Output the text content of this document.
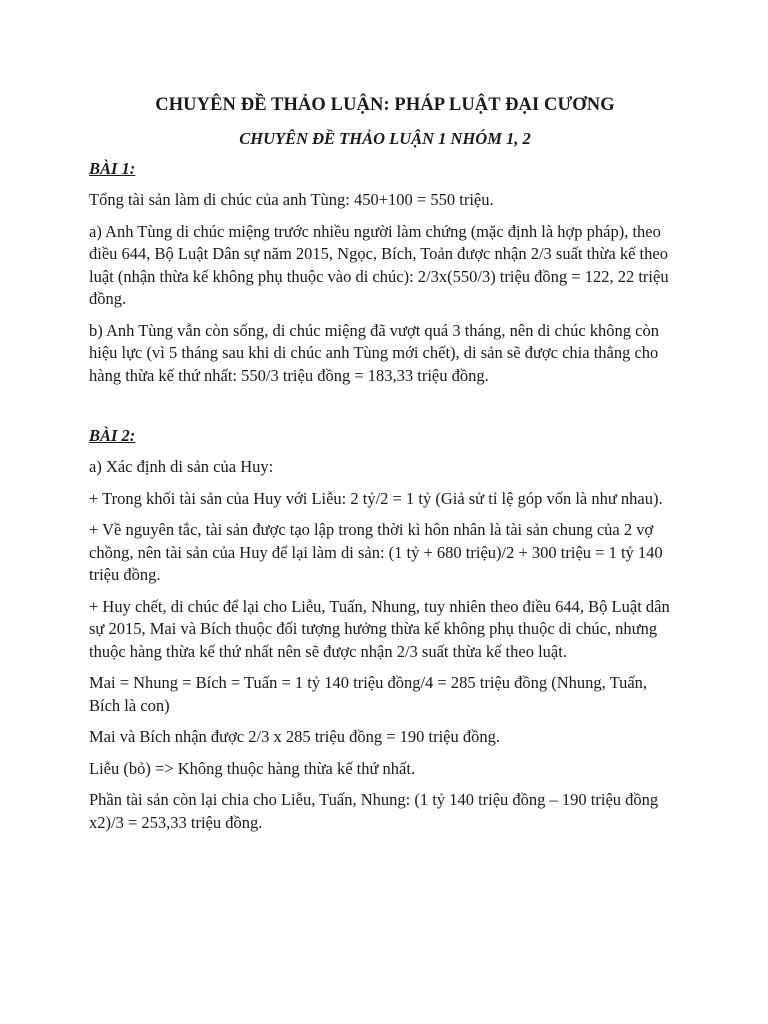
CHUYÊN ĐỀ THẢO LUẬN: PHÁP LUẬT ĐẠI CƯƠNG
CHUYÊN ĐỀ THẢO LUẬN 1 NHÓM 1, 2

BÀI 1:

Tổng tài sản làm di chúc của anh Tùng: 450+100 = 550 triệu.

a) Anh Tùng di chúc miệng trước nhiều người làm chứng (mặc định là hợp pháp), theo điều 644, Bộ Luật Dân sự năm 2015, Ngọc, Bích, Toản được nhận 2/3 suất thừa kế theo luật (nhận thừa kế không phụ thuộc vào di chúc): 2/3x(550/3) triệu đồng = 122, 22 triệu đồng.

b) Anh Tùng vẫn còn sống, di chúc miệng đã vượt quá 3 tháng, nên di chúc không còn hiệu lực (vì 5 tháng sau khi di chúc anh Tùng mới chết), di sản sẽ được chia thẳng cho hàng thừa kế thứ nhất: 550/3 triệu đồng = 183,33 triệu đồng.

BÀI 2:

a) Xác định di sản của Huy:

+ Trong khối tài sản của Huy với Liễu: 2 tỷ/2 = 1 tỷ (Giả sử tỉ lệ góp vốn là như nhau).

+ Về nguyên tắc, tài sản được tạo lập trong thời kì hôn nhân là tài sản chung của 2 vợ chồng, nên tài sản của Huy để lại làm di sản: (1 tỷ + 680 triệu)/2 + 300 triệu = 1 tỷ 140 triệu đồng.

+ Huy chết, di chúc để lại cho Liễu, Tuấn, Nhung, tuy nhiên theo điều 644, Bộ Luật dân sự 2015, Mai và Bích thuộc đối tượng hưởng thừa kế không phụ thuộc di chúc, nhưng thuộc hàng thừa kế thứ nhất nên sẽ được nhận 2/3 suất thừa kế theo luật.

Mai = Nhung = Bích = Tuấn = 1 tỷ 140 triệu đồng/4 = 285 triệu đồng (Nhung, Tuấn, Bích là con)

Mai và Bích nhận được 2/3 x 285 triệu đồng = 190 triệu đồng.

Liễu (bỏ) => Không thuộc hàng thừa kế thứ nhất.

Phần tài sản còn lại chia cho Liễu, Tuấn, Nhung: (1 tỷ 140 triệu đồng – 190 triệu đồng x2)/3 = 253,33 triệu đồng.
